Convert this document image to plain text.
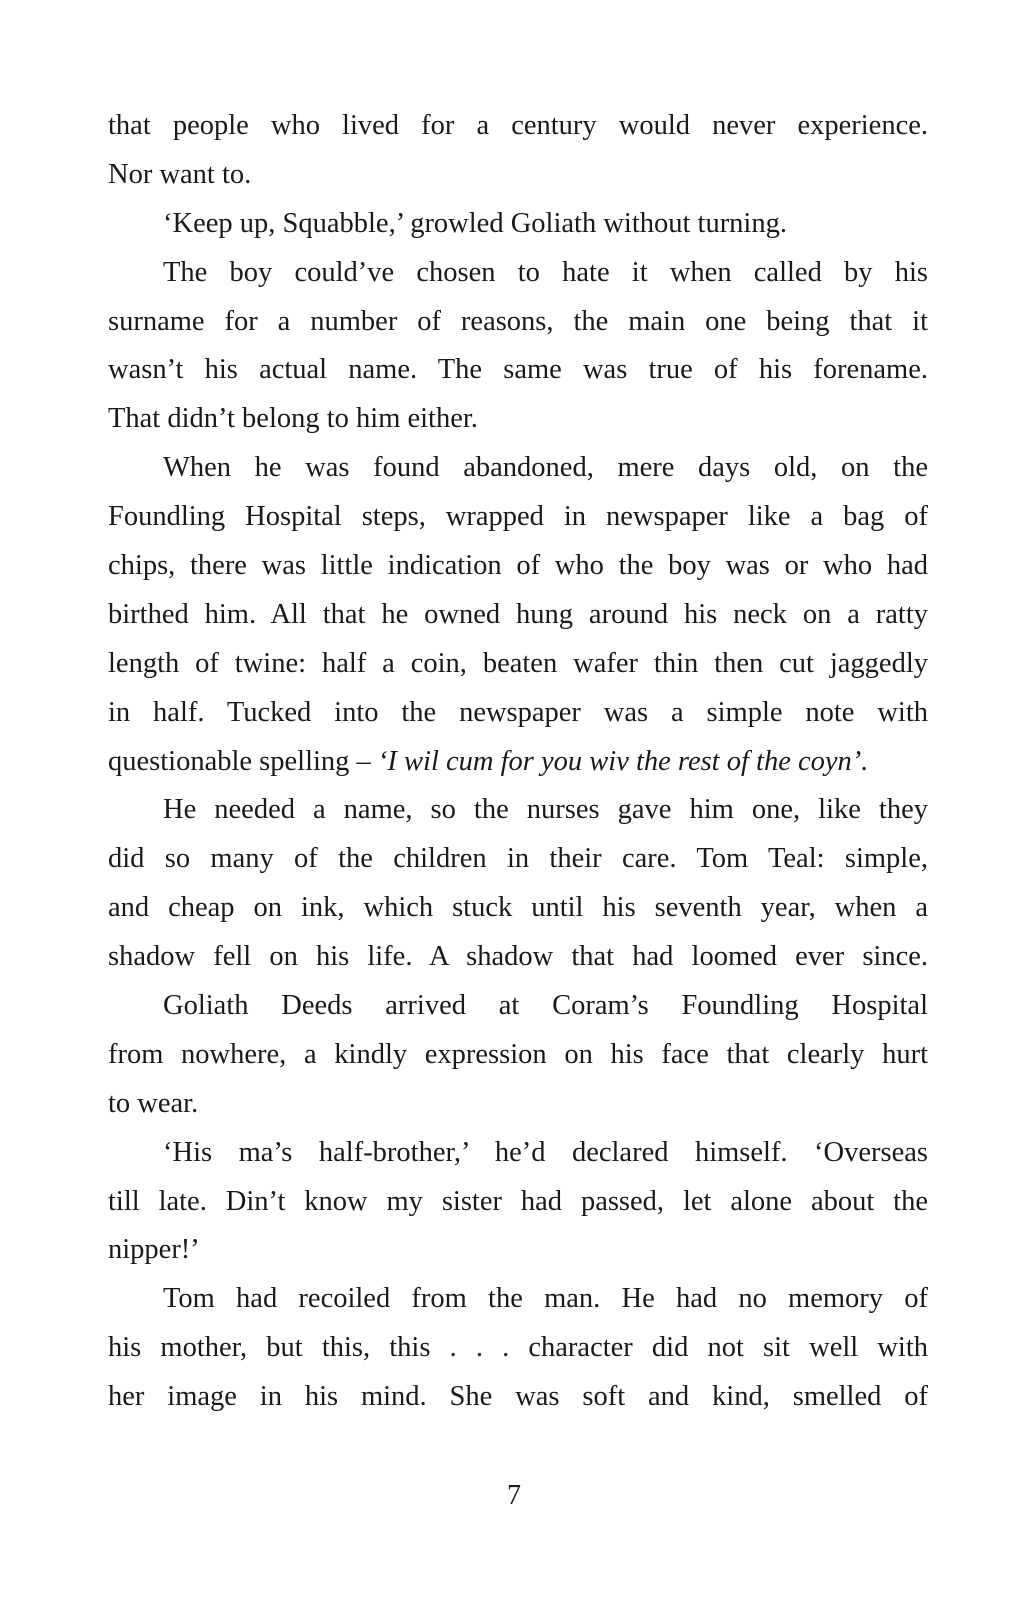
that people who lived for a century would never experience.
Nor want to.
‘Keep up, Squabble,’ growled Goliath without turning.
The boy could’ve chosen to hate it when called by his
surname for a number of reasons, the main one being that it
wasn’t his actual name. The same was true of his forename.
That didn’t belong to him either.
When he was found abandoned, mere days old, on the
Foundling Hospital steps, wrapped in newspaper like a bag of
chips, there was little indication of who the boy was or who had
birthed him. All that he owned hung around his neck on a ratty
length of twine: half a coin, beaten wafer thin then cut jaggedly
in half. Tucked into the newspaper was a simple note with
questionable spelling – ‘I wil cum for you wiv the rest of the coyn’.
He needed a name, so the nurses gave him one, like they
did so many of the children in their care. Tom Teal: simple,
and cheap on ink, which stuck until his seventh year, when a
shadow fell on his life. A shadow that had loomed ever since.
Goliath Deeds arrived at Coram’s Foundling Hospital
from nowhere, a kindly expression on his face that clearly hurt
to wear.
‘His ma’s half-brother,’ he’d declared himself. ‘Overseas
till late. Din’t know my sister had passed, let alone about the
nipper!’
Tom had recoiled from the man. He had no memory of
his mother, but this, this . . . character did not sit well with
her image in his mind. She was soft and kind, smelled of
7
